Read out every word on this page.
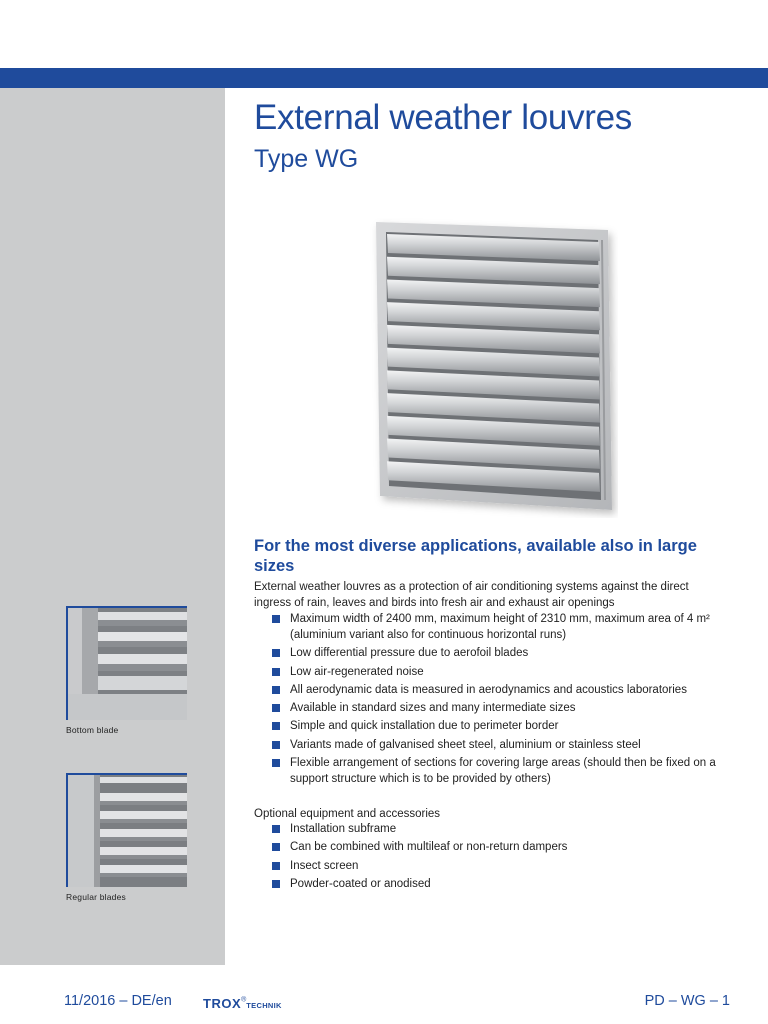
External weather louvres
Type WG
Bottom blade
Regular blades
For the most diverse applications, available also in large sizes
External weather louvres as a protection of air conditioning systems against the direct ingress of rain, leaves and birds into fresh air and exhaust air openings
Maximum width of 2400 mm, maximum height of 2310 mm, maximum area of 4 m² (aluminium variant also for continuous horizontal runs)
Low differential pressure due to aerofoil blades
Low air-regenerated noise
All aerodynamic data is measured in aerodynamics and acoustics laboratories
Available in standard sizes and many intermediate sizes
Simple and quick installation due to perimeter border
Variants made of galvanised sheet steel, aluminium or stainless steel
Flexible arrangement of sections for covering large areas (should then be fixed on a support structure which is to be provided by others)
Optional equipment and accessories
Installation subframe
Can be combined with multileaf or non-return dampers
Insect screen
Powder-coated or anodised
11/2016 – DE/en TROX®TECHNIK	PD – WG – 1
